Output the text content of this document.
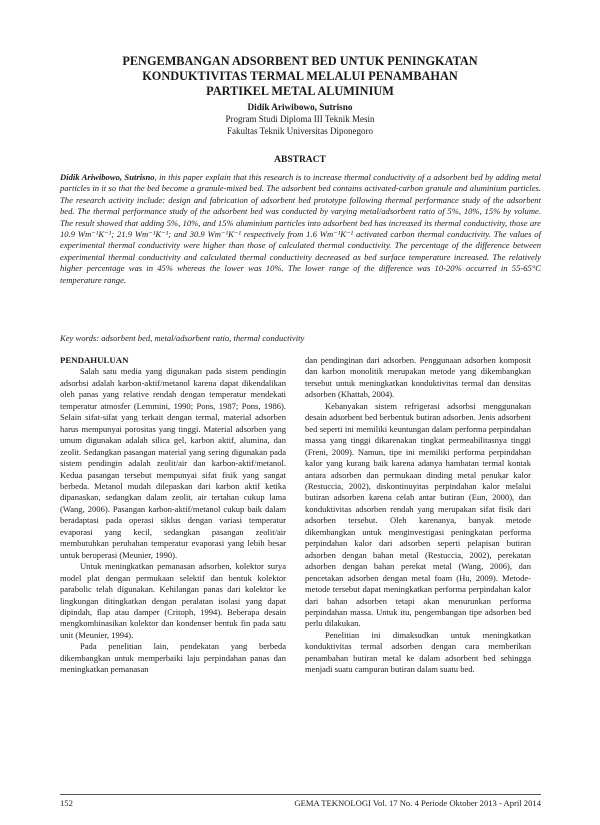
PENGEMBANGAN ADSORBENT BED UNTUK PENINGKATAN
KONDUKTIVITAS TERMAL MELALUI PENAMBAHAN
PARTIKEL METAL ALUMINIUM
Didik Ariwibowo, Sutrisno
Program Studi Diploma III Teknik Mesin
Fakultas Teknik Universitas Diponegoro
ABSTRACT
Didik Ariwibowo, Sutrisno, in this paper explain that this research is to increase thermal conductivity of a adsorbent bed by adding metal particles in it so that the bed become a granule-mixed bed. The adsorbent bed contains activated-carbon granule and aluminium particles. The research activity include: design and fabrication of adsorbent bed prototype following thermal performance study of the adsorbent bed. The thermal performance study of the adsorbent bed was conducted by varying metal/adsorbent ratio of 5%, 10%, 15% by volume. The result showed that adding 5%, 10%, and 15% aluminium particles into adsorbent bed has increased its thermal conductivity, those are 10.9 Wm⁻¹K⁻¹; 21.9 Wm⁻¹K⁻¹; and 30.9 Wm⁻¹K⁻¹ respectively from 1.6 Wm⁻¹K⁻¹ activated carbon thermal conductivity. The values of experimental thermal conductivity were higher than those of calculated thermal conductivity. The percentage of the difference between experimental thermal conductivity and calculated thermal conductivity decreased as bed surface temperature increased. The relatively higher percentage was in 45% whereas the lower was 10%. The lower range of the difference was 10-20% occurred in 55-65°C temperature range.
Key words: adsorbent bed, metal/adsorbent ratio, thermal conductivity
PENDAHULUAN

Salah satu media yang digunakan pada sistem pendingin adsorbsi adalah karbon-aktif/metanol karena dapat dikendalikan oleh panas yang relative rendah dengan temperatur mendekati temperatur atmosfer (Lemmini, 1990; Pons, 1987; Pons, 1986). Selain sifat-sifat yang terkait dengan termal, material adsorben harus mempunyai porositas yang tinggi. Material adsorben yang umum digunakan adalah silica gel, karbon aktif, alumina, dan zeolit. Sedangkan pasangan material yang sering digunakan pada sistem pendingin adalah zeolit/air dan karbon-aktif/metanol. Kedua pasangan tersebut mempunyai sifat fisik yang sangat berbeda. Metanol mudah dilepaskan dari karbon aktif ketika dipanaskan, sedangkan dalam zeolit, air tertahan cukup lama (Wang, 2006). Pasangan karbon-aktif/metanol cukup baik dalam beradaptasi pada operasi siklus dengan variasi temperatur evaporasi yang kecil, sedangkan pasangan zeolit/air membutuhkan perubahan temperatur evaporasi yang lebih besar untuk beroperasi (Meunier, 1990).

Untuk meningkatkan pemanasan adsorben, kolektor surya model plat dengan permukaan selektif dan bentuk kolektor parabolic telah digunakan. Kehilangan panas dari kolektor ke lingkungan ditingkatkan dengan peralatan isolasi yang dapat dipindah, flap atau damper (Critoph, 1994). Beberapa desain mengkombinasikan kolektor dan kondenser bentuk fin pada satu unit (Meunier, 1994).

Pada penelitian lain, pendekatan yang berbeda dikembangkan untuk memperbaiki laju perpindahan panas dan meningkatkan pemanasan

dan pendinginan dari adsorben. Penggunaan adsorben komposit dan karbon monolitik merupakan metode yang dikembangkan tersebut untuk meningkatkan konduktivitas termal dan densitas adsorben (Khattab, 2004).

Kebanyakan sistem refrigerasi adsorbsi menggunakan desain adsorbent bed berbentuk butiran adsorben. Jenis adsorbent bed seperti ini memiliki keuntungan dalam performa perpindahan massa yang tinggi dikarenakan tingkat permeabilitasnya tinggi (Freni, 2009). Namun, tipe ini memiliki performa perpindahan kalor yang kurang baik karena adanya hambatan termal kontak antara adsorben dan permukaan dinding metal penukar kalor (Restuccia, 2002), diskontinuyitas perpindahan kalor melalui butiran adsorben karena celah antar butiran (Eun, 2000), dan konduktivitas adsorben rendah yang merupakan sifat fisik dari adsorben tersebut. Oleh karenanya, banyak metode dikembangkan untuk menginvestigasi peningkatan performa perpindahan kalor dari adsorben seperti pelapisan butiran adsorben dengan bahan metal (Restuccia, 2002), perekatan adsorben dengan bahan perekat metal (Wang, 2006), dan pencetakan adsorben dengan metal foam (Hu, 2009). Metode-metode tersebut dapat meningkatkan performa perpindahan kalor dari bahan adsorben tetapi akan menurunkan performa perpindahan massa. Untuk itu, pengembangan tipe adsorben bed perlu dilakukan.

Penelitian ini dimaksudkan untuk meningkatkan konduktivitas termal adsorben dengan cara memberikan penambahan butiran metal ke dalam adsorbent bed sehingga menjadi suatu campuran butiran dalam suatu bed.

152	GEMA TEKNOLOGI Vol. 17 No. 4 Periode Oktober 2013 - April 2014
